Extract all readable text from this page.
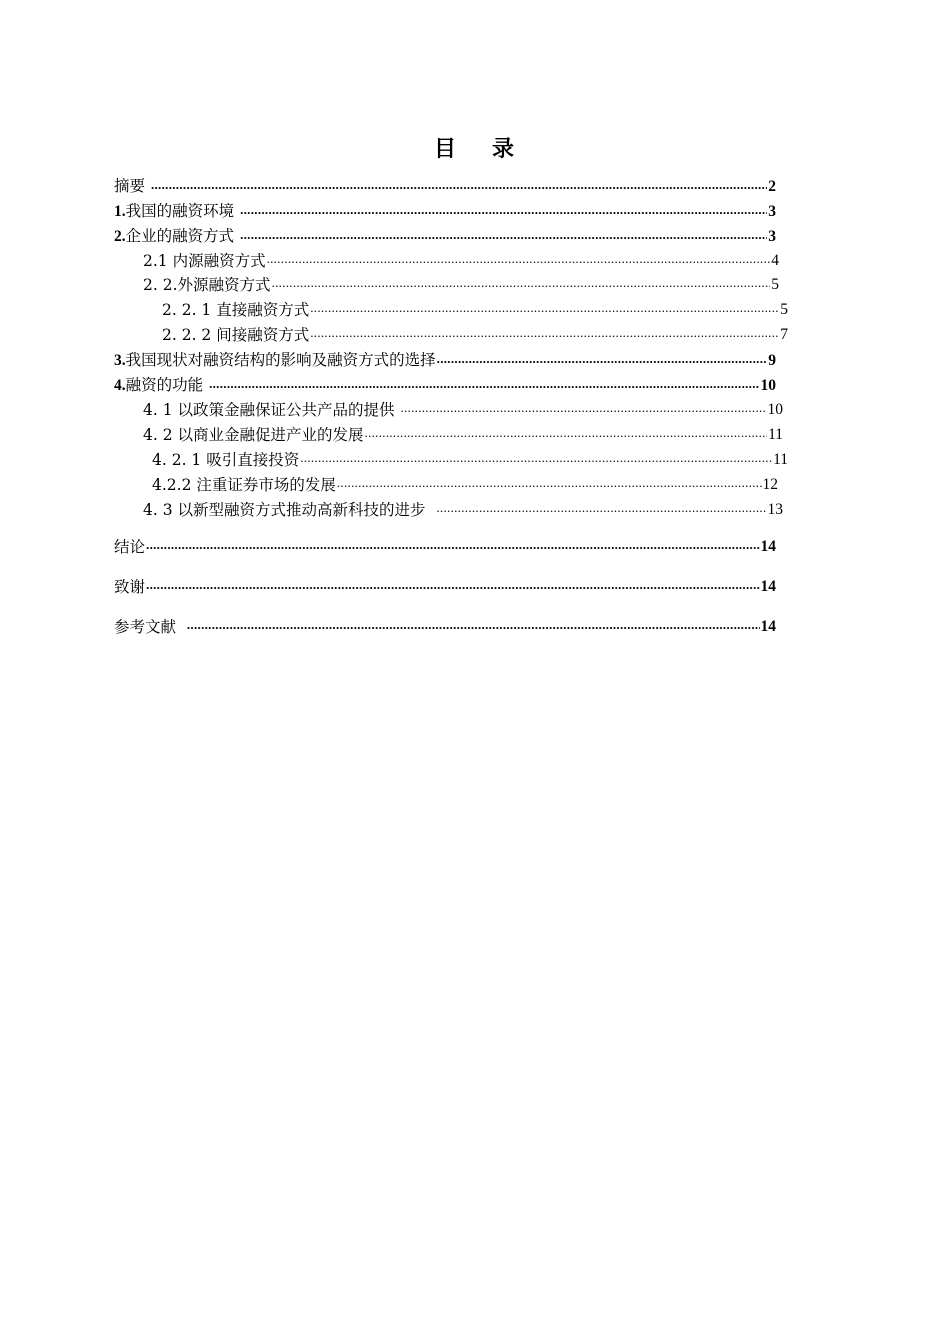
目 录
摘要 .....	2
1.我国的融资环境 .....	3
2.企业的融资方式 .....	3
2.1 内源融资方式 .....	4
2. 2.外源融资方式 .....	5
2. 2. 1 直接融资方式 .....	5
2. 2. 2 间接融资方式 .....	7
3.我国现状对融资结构的影响及融资方式的选择 .....	9
4.融资的功能 .....	10
4. 1 以政策金融保证公共产品的提供 .....	10
4. 2 以商业金融促进产业的发展 .....	11
4. 2. 1 吸引直接投资 .....	11
4.2.2 注重证券市场的发展 .....	12
4. 3 以新型融资方式推动高新科技的进步 .....	13
结论 .....	14
致谢 .....	14
参考文献 .....	14
